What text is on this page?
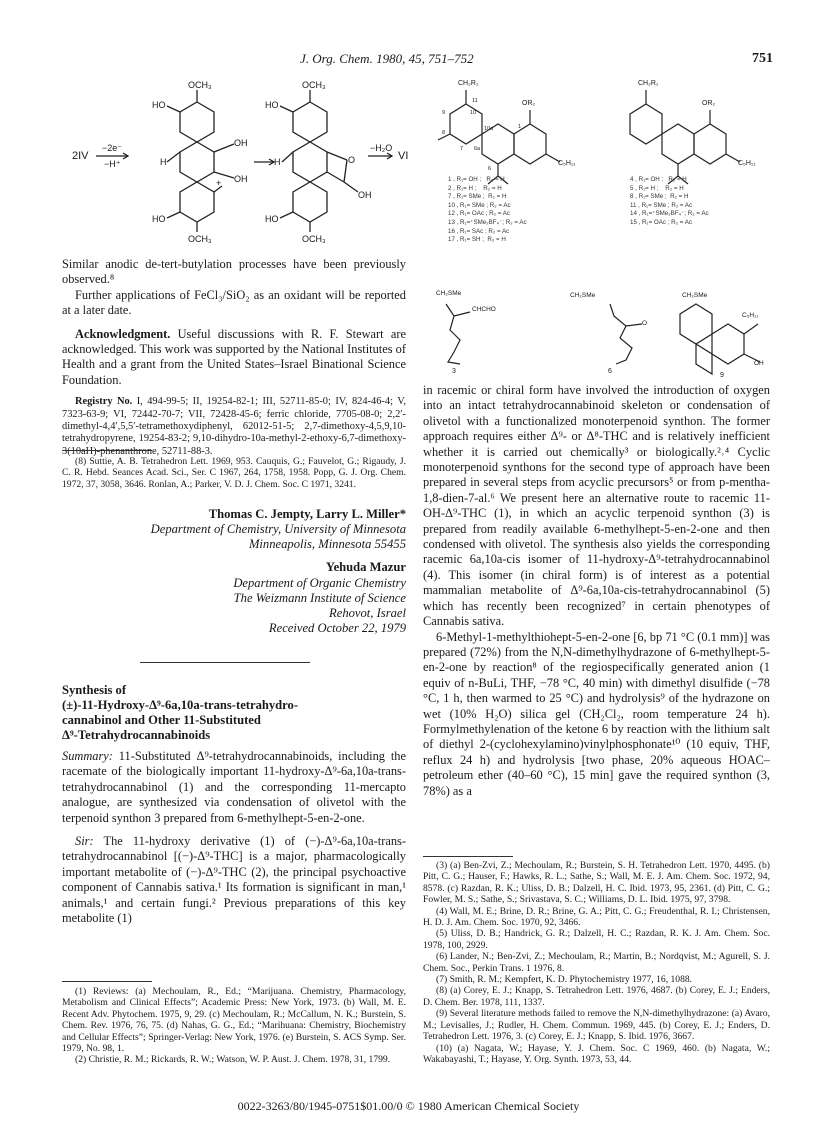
J. Org. Chem. 1980, 45, 751–752	751
2IV
−2e⁻
−H⁺
−H₂O
VI
OCH₃
HO
H
OH
OH
HO
OCH₃
OCH₃
HO
H	O
OH
HO
OCH₃
+

Similar anodic de-tert-butylation processes have been previously observed.⁸

Further applications of FeCl₃/SiO₂ as an oxidant will be reported at a later date.

Acknowledgment. Useful discussions with R. F. Stewart are acknowledged. This work was supported by the National Institutes of Health and a grant from the United States–Israel Binational Science Foundation.

Registry No. I, 494-99-5; II, 19254-82-1; III, 52711-85-0; IV, 824-46-4; V, 7323-63-9; VI, 72442-70-7; VII, 72428-45-6; ferric chloride, 7705-08-0; 2,2′-dimethyl-4,4′,5,5′-tetramethoxydiphenyl, 62012-51-5; 2,7-dimethoxy-4,5,9,10-tetrahydropyrene, 19254-83-2; 9,10-dihydro-10a-methyl-2-ethoxy-6,7-dimethoxy-3(10aH)-phenanthrone, 52711-88-3.

(8) Suttie, A. B. Tetrahedron Lett. 1969, 953. Cauquis, G.; Fauvelot, G.; Rigaudy, J. C. R. Hebd. Seances Acad. Sci., Ser. C 1967, 264, 1758, 1958. Popp, G. J. Org. Chem. 1972, 37, 3058, 3646. Ronlan, A.; Parker, V. D. J. Chem. Soc. C 1971, 3241.

Thomas C. Jempty, Larry L. Miller*

Department of Chemistry, University of Minnesota

Minneapolis, Minnesota 55455

Yehuda Mazur

Department of Organic Chemistry

The Weizmann Institute of Science

Rehovot, Israel

Received October 22, 1979

Synthesis of

(±)-11-Hydroxy-Δ⁹-6a,10a-trans-tetrahydro-

cannabinol and Other 11-Substituted

Δ⁹-Tetrahydrocannabinoids

Summary: 11-Substituted Δ⁹-tetrahydrocannabinoids, including the racemate of the biologically important 11-hydroxy-Δ⁹-6a,10a-trans-tetrahydrocannabinol (1) and the corresponding 11-mercapto analogue, are synthesized via condensation of olivetol with the terpenoid synthon 3 prepared from 6-methylhept-5-en-2-one.

Sir: The 11-hydroxy derivative (1) of (−)-Δ⁹-6a,10a-trans-tetrahydrocannabinol [(−)-Δ⁹-THC] is a major, pharmacologically important metabolite of (−)-Δ⁹-THC (2), the principal psychoactive component of Cannabis sativa.¹ Its formation is significant in man,¹ animals,¹ and certain fungi.² Previous preparations of this key metabolite (1)

(1) Reviews: (a) Mechoulam, R., Ed.; “Marijuana. Chemistry, Pharmacology, Metabolism and Clinical Effects”; Academic Press: New York, 1973. (b) Wall, M. E. Recent Adv. Phytochem. 1975, 9, 29. (c) Mechoulam, R.; McCallum, N. K.; Burstein, S. Chem. Rev. 1976, 76, 75. (d) Nahas, G. G., Ed.; “Marihuana: Chemistry, Biochemistry and Cellular Effects”; Springer-Verlag: New York, 1976. (e) Burstein, S. ACS Symp. Ser. 1979, No. 98, 1.

(2) Christie, R. M.; Rickards, R. W.; Watson, W. P. Aust. J. Chem. 1978, 31, 1799.

CH₂R₁
OR₂
C₅H₁₁
11
10
9
8
7 6a
10a
6
1
CH₂R₁
OR₂
C₅H₁₁
1 , R₁= OH ;   R₂ = H
2 , R₁= H ;    R₂ = H
7 , R₁= SMe ;  R₂ = H
10 , R₁= SMe ; R₂ = Ac
12 , R₁= OAc ; R₂ = Ac
13 , R₁=⁺SMe₂BF₄⁻; R₂ = Ac
16 , R₁= SAc ; R₂ = Ac
17 , R₁= SH ;  R₂ = H
4 , R₁= OH ;   R₂ = H
5 , R₁= H ;    R₂ = H
8 , R₁= SMe ;  R₂ = H
11 , R₁= SMe ; R₂ = Ac
14 , R₁=⁺SMe₂BF₄⁻; R₂ = Ac
15 , R₁= OAc ; R₂ = Ac
CH₂SMe
CHCHO
3
CH₂SMe
O
6
CH₂SMe
C₅H₁₁
OH
9

in racemic or chiral form have involved the introduction of oxygen into an intact tetrahydrocannabinoid skeleton or condensation of olivetol with a functionalized monoterpenoid synthon. The former approach requires either Δ⁹- or Δ⁸-THC and is relatively inefficient whether it is carried out chemically³ or biologically.²˒⁴ Cyclic monoterpenoid synthons for the second type of approach have been prepared in several steps from acyclic precursors⁵ or from p-mentha-1,8-dien-7-al.⁶ We present here an alternative route to racemic 11-OH-Δ⁹-THC (1), in which an acyclic terpenoid synthon (3) is prepared from readily available 6-methylhept-5-en-2-one and then condensed with olivetol. The synthesis also yields the corresponding racemic 6a,10a-cis isomer of 11-hydroxy-Δ⁹-tetrahydrocannabinol (4). This isomer (in chiral form) is of interest as a potential mammalian metabolite of Δ⁹-6a,10a-cis-tetrahydrocannabinol (5) which has recently been recognized⁷ in certain phenotypes of Cannabis sativa.

6-Methyl-1-methylthiohept-5-en-2-one [6, bp 71 °C (0.1 mm)] was prepared (72%) from the N,N-dimethylhydrazone of 6-methylhept-5-en-2-one by reaction⁸ of the regiospecifically generated anion (1 equiv of n-BuLi, THF, −78 °C, 40 min) with dimethyl disulfide (−78 °C, 1 h, then warmed to 25 °C) and hydrolysis⁹ of the hydrazone on wet (10% H₂O) silica gel (CH₂Cl₂, room temperature 24 h). Formylmethylenation of the ketone 6 by reaction with the lithium salt of diethyl 2-(cyclohexylamino)vinylphosphonate¹⁰ (10 equiv, THF, reflux 24 h) and hydrolysis [two phase, 20% aqueous HOAC–petroleum ether (40–60 °C), 15 min] gave the required synthon (3, 78%) as a

(3) (a) Ben-Zvi, Z.; Mechoulam, R.; Burstein, S. H. Tetrahedron Lett. 1970, 4495. (b) Pitt, C. G.; Hauser, F.; Hawks, R. L.; Sathe, S.; Wall, M. E. J. Am. Chem. Soc. 1972, 94, 8578. (c) Razdan, R. K.; Uliss, D. B.; Dalzell, H. C. Ibid. 1973, 95, 2361. (d) Pitt, C. G.; Fowler, M. S.; Sathe, S.; Srivastava, S. C.; Williams, D. L. Ibid. 1975, 97, 3798.

(4) Wall, M. E.; Brine, D. R.; Brine, G. A.; Pitt, C. G.; Freudenthal, R. I.; Christensen, H. D. J. Am. Chem. Soc. 1970, 92, 3466.

(5) Uliss, D. B.; Handrick, G. R.; Dalzell, H. C.; Razdan, R. K. J. Am. Chem. Soc. 1978, 100, 2929.

(6) Lander, N.; Ben-Zvi, Z.; Mechoulam, R.; Martin, B.; Nordqvist, M.; Agurell, S. J. Chem. Soc., Perkin Trans. 1 1976, 8.

(7) Smith, R. M.; Kempfert, K. D. Phytochemistry 1977, 16, 1088.

(8) (a) Corey, E. J.; Knapp, S. Tetrahedron Lett. 1976, 4687. (b) Corey, E. J.; Enders, D. Chem. Ber. 1978, 111, 1337.

(9) Several literature methods failed to remove the N,N-dimethylhydrazone: (a) Avaro, M.; Levisalles, J.; Rudler, H. Chem. Commun. 1969, 445. (b) Corey, E. J.; Enders, D. Tetrahedron Lett. 1976, 3. (c) Corey, E. J.; Knapp, S. Ibid. 1976, 3667.

(10) (a) Nagata, W.; Hayase, Y. J. Chem. Soc. C 1969, 460. (b) Nagata, W.; Wakabayashi, T.; Hayase, Y. Org. Synth. 1973, 53, 44.

0022-3263/80/1945-0751$01.00/0 © 1980 American Chemical Society
